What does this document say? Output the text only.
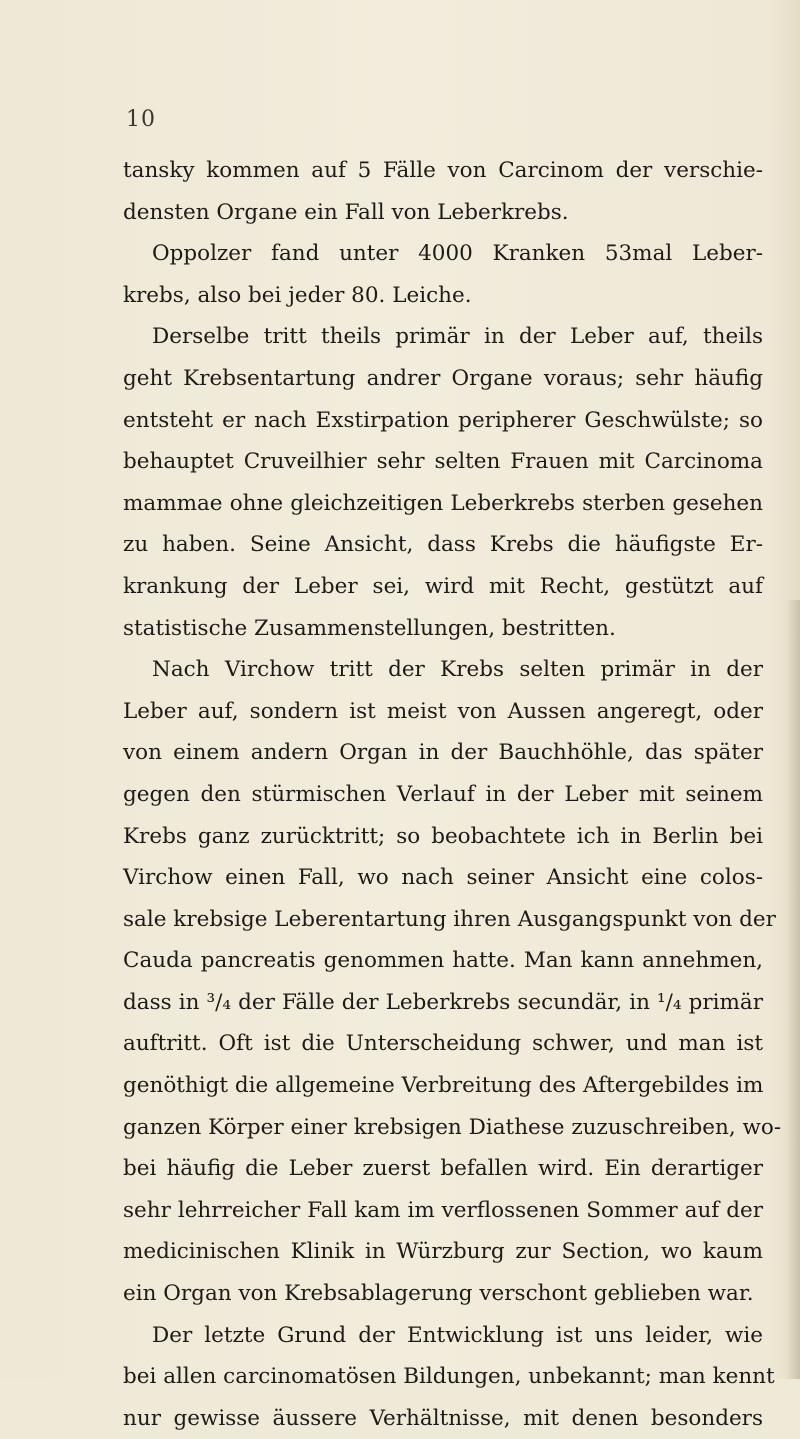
10
tansky kommen auf 5 Fälle von Carcinom der verschie-
densten Organe ein Fall von Leberkrebs.
Oppolzer fand unter 4000 Kranken 53mal Leber-
krebs, also bei jeder 80. Leiche.
Derselbe tritt theils primär in der Leber auf, theils
geht Krebsentartung andrer Organe voraus; sehr häufig
entsteht er nach Exstirpation peripherer Geschwülste; so
behauptet Cruveilhier sehr selten Frauen mit Carcinoma
mammae ohne gleichzeitigen Leberkrebs sterben gesehen
zu haben. Seine Ansicht, dass Krebs die häufigste Er-
krankung der Leber sei, wird mit Recht, gestützt auf
statistische Zusammenstellungen, bestritten.
Nach Virchow tritt der Krebs selten primär in der
Leber auf, sondern ist meist von Aussen angeregt, oder
von einem andern Organ in der Bauchhöhle, das später
gegen den stürmischen Verlauf in der Leber mit seinem
Krebs ganz zurücktritt; so beobachtete ich in Berlin bei
Virchow einen Fall, wo nach seiner Ansicht eine colos-
sale krebsige Leberentartung ihren Ausgangspunkt von der
Cauda pancreatis genommen hatte. Man kann annehmen,
dass in ³/₄ der Fälle der Leberkrebs secundär, in ¹/₄ primär
auftritt. Oft ist die Unterscheidung schwer, und man ist
genöthigt die allgemeine Verbreitung des Aftergebildes im
ganzen Körper einer krebsigen Diathese zuzuschreiben, wo-
bei häufig die Leber zuerst befallen wird. Ein derartiger
sehr lehrreicher Fall kam im verflossenen Sommer auf der
medicinischen Klinik in Würzburg zur Section, wo kaum
ein Organ von Krebsablagerung verschont geblieben war.
Der letzte Grund der Entwicklung ist uns leider, wie
bei allen carcinomatösen Bildungen, unbekannt; man kennt
nur gewisse äussere Verhältnisse, mit denen besonders
